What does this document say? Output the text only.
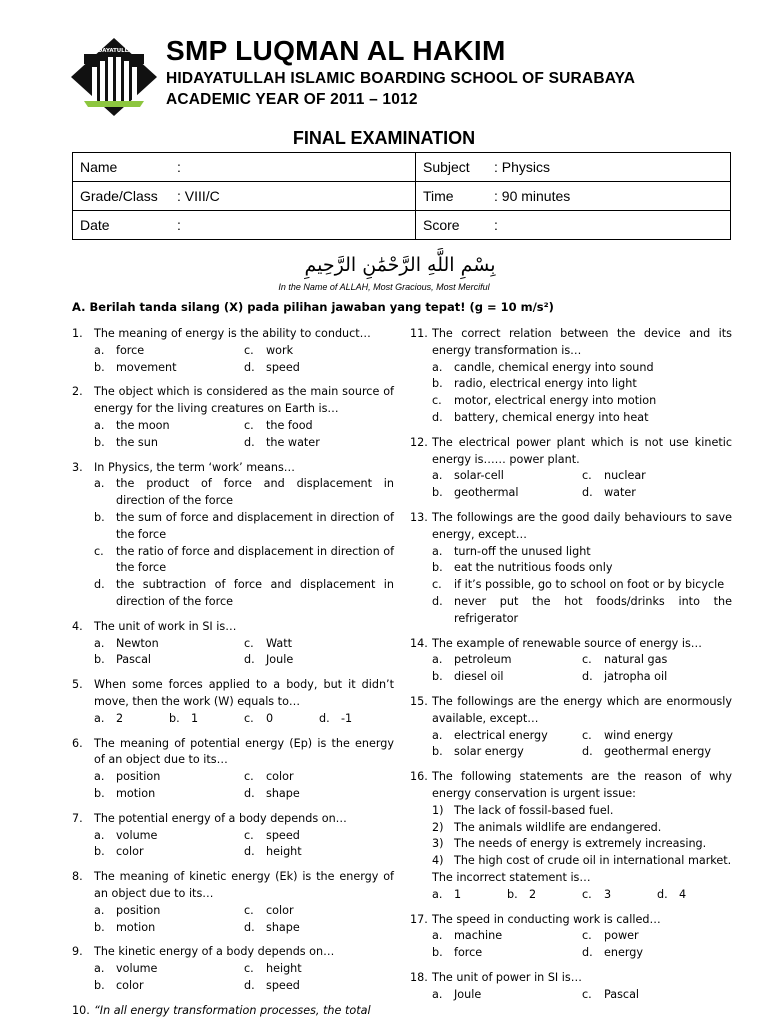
HIDAYATULLAH SMP LUQMAN AL HAKIM
HIDAYATULLAH ISLAMIC BOARDING SCHOOL OF SURABAYA
ACADEMIC YEAR OF 2011 – 1012
FINAL EXAMINATION
Name :	Subject : Physics
Grade/Class : VIII/C	Time : 90 minutes
Date :	Score :
بِسْمِ اللَّهِ الرَّحْمَٰنِ الرَّحِيمِ
In the Name of ALLAH, Most Gracious, Most Merciful
A. Berilah tanda silang (X) pada pilihan jawaban yang tepat! (g = 10 m/s²)
1. The meaning of energy is the ability to conduct…
a. force	c. work
b. movement	d. speed
2. The object which is considered as the main source of energy for the living creatures on Earth is…
a. the moon	c. the food
b. the sun	d. the water
3. In Physics, the term ‘work’ means…
a. the product of force and displacement in direction of the force
b. the sum of force and displacement in direction of the force
c. the ratio of force and displacement in direction of the force
d. the subtraction of force and displacement in direction of the force
4. The unit of work in SI is…
a. Newton	c. Watt
b. Pascal	d. Joule
5. When some forces applied to a body, but it didn’t move, then the work (W) equals to…
a. 2	b. 1	c. 0	d. -1
6. The meaning of potential energy (Ep) is the energy of an object due to its…
a. position	c. color
b. motion	d. shape
7. The potential energy of a body depends on…
a. volume	c. speed
b. color	d. height
8. The meaning of kinetic energy (Ek) is the energy of an object due to its…
a. position	c. color
b. motion	d. shape
9. The kinetic energy of a body depends on…
a. volume	c. height
b. color	d. speed
10. “In all energy transformation processes, the total
11. The correct relation between the device and its energy transformation is…
a. candle, chemical energy into sound
b. radio, electrical energy into light
c. motor, electrical energy into motion
d. battery, chemical energy into heat
12. The electrical power plant which is not use kinetic energy is…… power plant.
a. solar-cell	c. nuclear
b. geothermal	d. water
13. The followings are the good daily behaviours to save energy, except…
a. turn-off the unused light
b. eat the nutritious foods only
c. if it’s possible, go to school on foot or by bicycle
d. never put the hot foods/drinks into the refrigerator
14. The example of renewable source of energy is…
a. petroleum	c. natural gas
b. diesel oil	d. jatropha oil
15. The followings are the energy which are enormously available, except…
a. electrical energy	c. wind energy
b. solar energy	d. geothermal energy
16. The following statements are the reason of why energy conservation is urgent issue:
1) The lack of fossil-based fuel.
2) The animals wildlife are endangered.
3) The needs of energy is extremely increasing.
4) The high cost of crude oil in international market.
The incorrect statement is…
a. 1	b. 2	c. 3	d. 4
17. The speed in conducting work is called…
a. machine	c. power
b. force	d. energy
18. The unit of power in SI is…
a. Joule	c. Pascal
